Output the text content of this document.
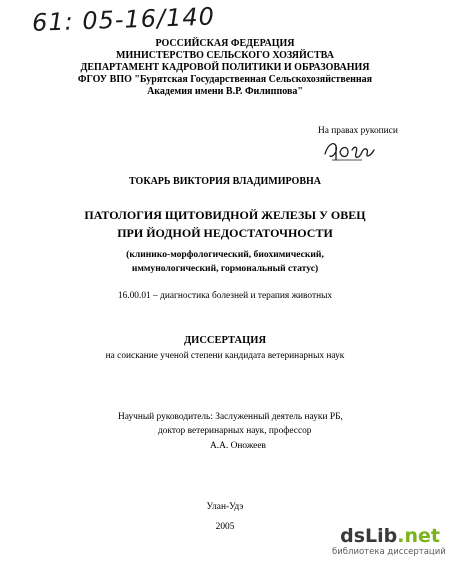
61: 05-16/140
РОССИЙСКАЯ ФЕДЕРАЦИЯ
МИНИСТЕРСТВО СЕЛЬСКОГО ХОЗЯЙСТВА
ДЕПАРТАМЕНТ КАДРОВОЙ ПОЛИТИКИ И ОБРАЗОВАНИЯ
ФГОУ ВПО "Бурятская Государственная Сельскохозяйственная
Академия имени В.Р. Филиппова"
На правах рукописи
ТОКАРЬ ВИКТОРИЯ ВЛАДИМИРОВНА
ПАТОЛОГИЯ ЩИТОВИДНОЙ ЖЕЛЕЗЫ У ОВЕЦ
ПРИ ЙОДНОЙ НЕДОСТАТОЧНОСТИ
(клинико-морфологический, биохимический,
иммунологический, гормональный статус)
16.00.01 – диагностика болезней и терапия животных
ДИССЕРТАЦИЯ
на соискание ученой степени кандидата ветеринарных наук
Научный руководитель: Заслуженный деятель науки РБ,
доктор ветеринарных наук, профессор
А.А. Оножеев
Улан-Удэ
2005	dsLib.net
библиотека диссертаций
